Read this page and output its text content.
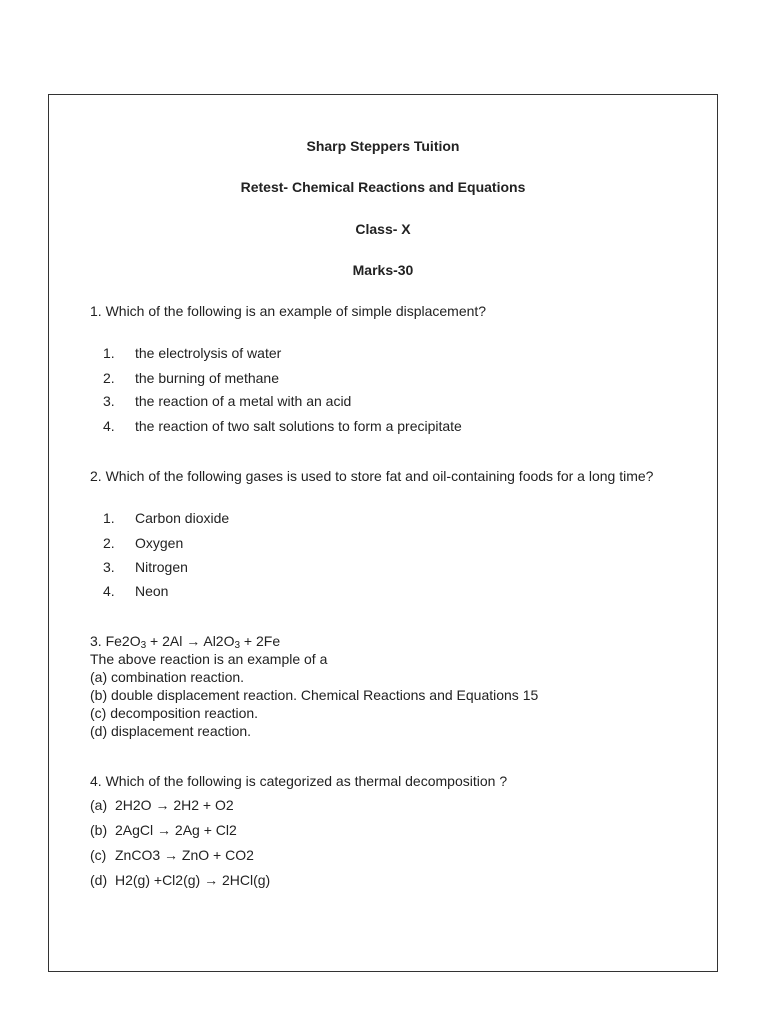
Sharp Steppers Tuition
Retest- Chemical Reactions and Equations
Class- X
Marks-30
1. Which of the following is an example of simple displacement?
1. the electrolysis of water
2. the burning of methane
3. the reaction of a metal with an acid
4. the reaction of two salt solutions to form a precipitate
2. Which of the following gases is used to store fat and oil-containing foods for a long time?
1. Carbon dioxide
2. Oxygen
3. Nitrogen
4. Neon
3. $Fe2O_3 + 2Al \to Al2O_3 + 2Fe$
The above reaction is an example of a
(a) combination reaction.
(b) double displacement reaction. Chemical Reactions and Equations 15
(c) decomposition reaction.
(d) displacement reaction.
4. Which of the following is categorized as thermal decomposition ?
(a) 2H2O → 2H2 + O2
(b) 2AgCl → 2Ag + Cl2
(c) ZnCO3 → ZnO + CO2
(d) H2(g) +Cl2(g) → 2HCl(g)
